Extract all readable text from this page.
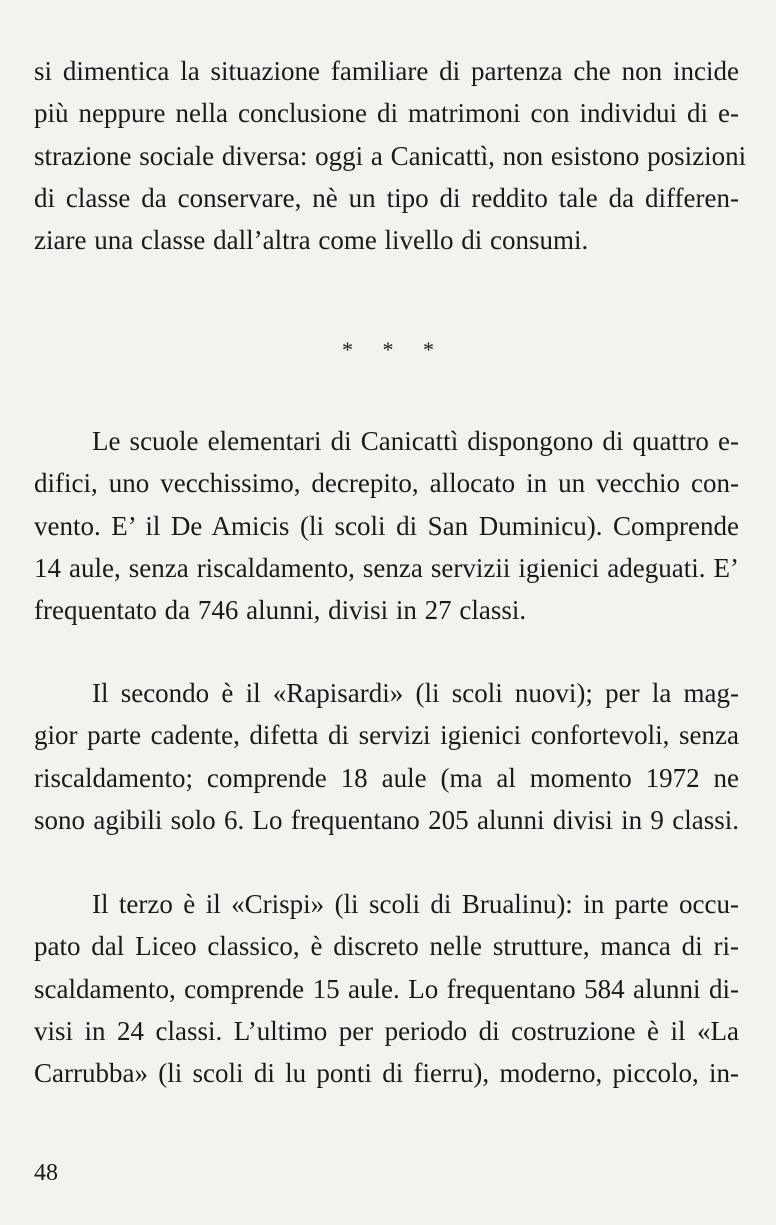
si dimentica la situazione familiare di partenza che non incide
più neppure nella conclusione di matrimoni con individui di e-
strazione sociale diversa: oggi a Canicattì, non esistono posizioni
di classe da conservare, nè un tipo di reddito tale da differen-
ziare una classe dall’altra come livello di consumi.
* * *
Le scuole elementari di Canicattì dispongono di quattro e-
difici, uno vecchissimo, decrepito, allocato in un vecchio con-
vento. E’ il De Amicis (li scoli di San Duminicu). Comprende
14 aule, senza riscaldamento, senza servizii igienici adeguati. E’
frequentato da 746 alunni, divisi in 27 classi.
Il secondo è il «Rapisardi» (li scoli nuovi); per la mag-
gior parte cadente, difetta di servizi igienici confortevoli, senza
riscaldamento; comprende 18 aule (ma al momento 1972 ne
sono agibili solo 6. Lo frequentano 205 alunni divisi in 9 classi.
Il terzo è il «Crispi» (li scoli di Brualinu): in parte occu-
pato dal Liceo classico, è discreto nelle strutture, manca di ri-
scaldamento, comprende 15 aule. Lo frequentano 584 alunni di-
visi in 24 classi. L’ultimo per periodo di costruzione è il «La
Carrubba» (li scoli di lu ponti di fierru), moderno, piccolo, in-
48
